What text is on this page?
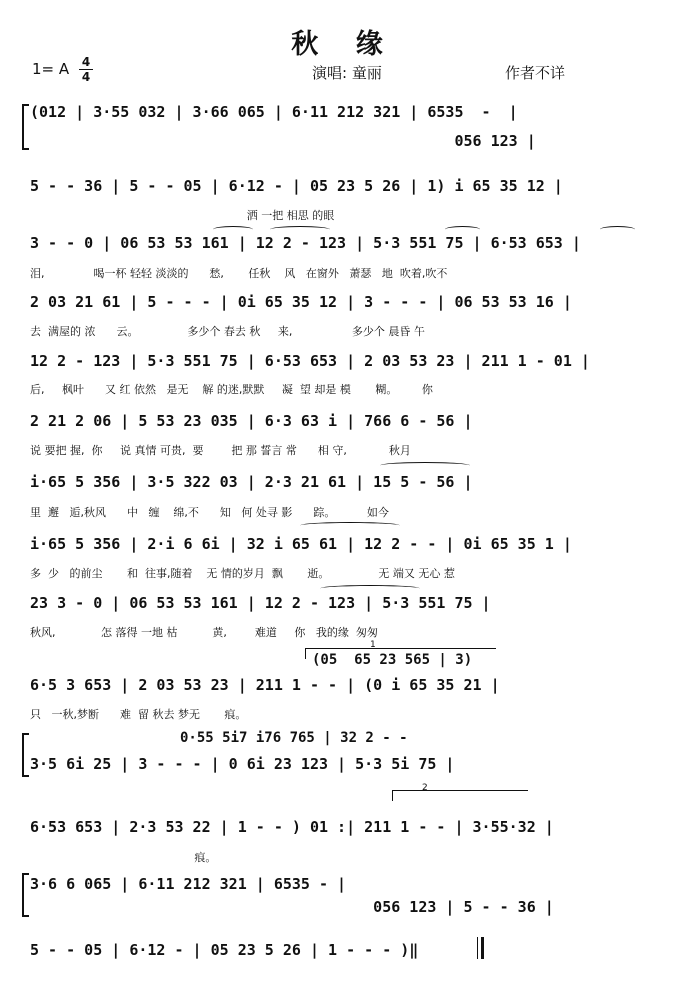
秋 缘
1= A	4
4	演唱: 童丽	作者不详
(05  65 23 565 | 3)
1
0·55 5i7 i76 765 | 32 2 - -
2
(012 | 3·55 032 | 3·66 065 | 6·11 212 321 | 6535  -  |
056 123 |
5 - - 36 | 5 - - 05 | 6·12 - | 05 23 5 26 | 1) i 65 35 12 |
洒 一把 相思 的眼
3 - - 0 | 06 53 53 161 | 12 2 - 123 | 5·3 551 75 | 6·53 653 |
泪,              喝一杯 轻轻 淡淡的      愁,       任秋    风   在窗外   萧瑟   地  吹着,吹不
2 03 21 61 | 5 - - - | 0i 65 35 12 | 3 - - - | 06 53 53 16 |
去  满屋的 浓      云。              多少个 春去 秋     来,                 多少个 晨昏 午
12 2 - 123 | 5·3 551 75 | 6·53 653 | 2 03 53 23 | 211 1 - 01 |
后,     枫叶      又 红 依然   是无    解 的迷,默默     凝  望 却是 模       糊。       你
2 21 2 06 | 5 53 23 035 | 6·3 63 i | 766 6 - 56 |
说 要把 握,  你     说 真情 可贵,  要        把 那 誓言 常      相 守,            秋月
i·65 5 356 | 3·5 322 03 | 2·3 21 61 | 15 5 - 56 |
里  邂   逅,秋风      中   缠    绵,不      知   何 处寻 影      踪。         如今
i·65 5 356 | 2·i 6 6i | 32 i 65 61 | 12 2 - - | 0i 65 35 1 |
多  少   的前尘       和  往事,随着    无 情的岁月  飘       逝。              无 端又 无心 惹
23 3 - 0 | 06 53 53 161 | 12 2 - 123 | 5·3 551 75 |
秋风,             怎 落得 一地 枯          黄,        难道     你   我的缘  匆匆
6·5 3 653 | 2 03 53 23 | 211 1 - - | (0 i 65 35 21 |
只   一秋,梦断      难  留 秋去 梦无       痕。
3·5 6i 25 | 3 - - - | 0 6i 23 123 | 5·3 5i 75 |
6·53 653 | 2·3 53 22 | 1 - - ) 01 :| 211 1 - - | 3·55·32 |
痕。
3·6 6 065 | 6·11 212 321 | 6535 - |
056 123 | 5 - - 36 |
5 - - 05 | 6·12 - | 05 23 5 26 | 1 - - - )‖
